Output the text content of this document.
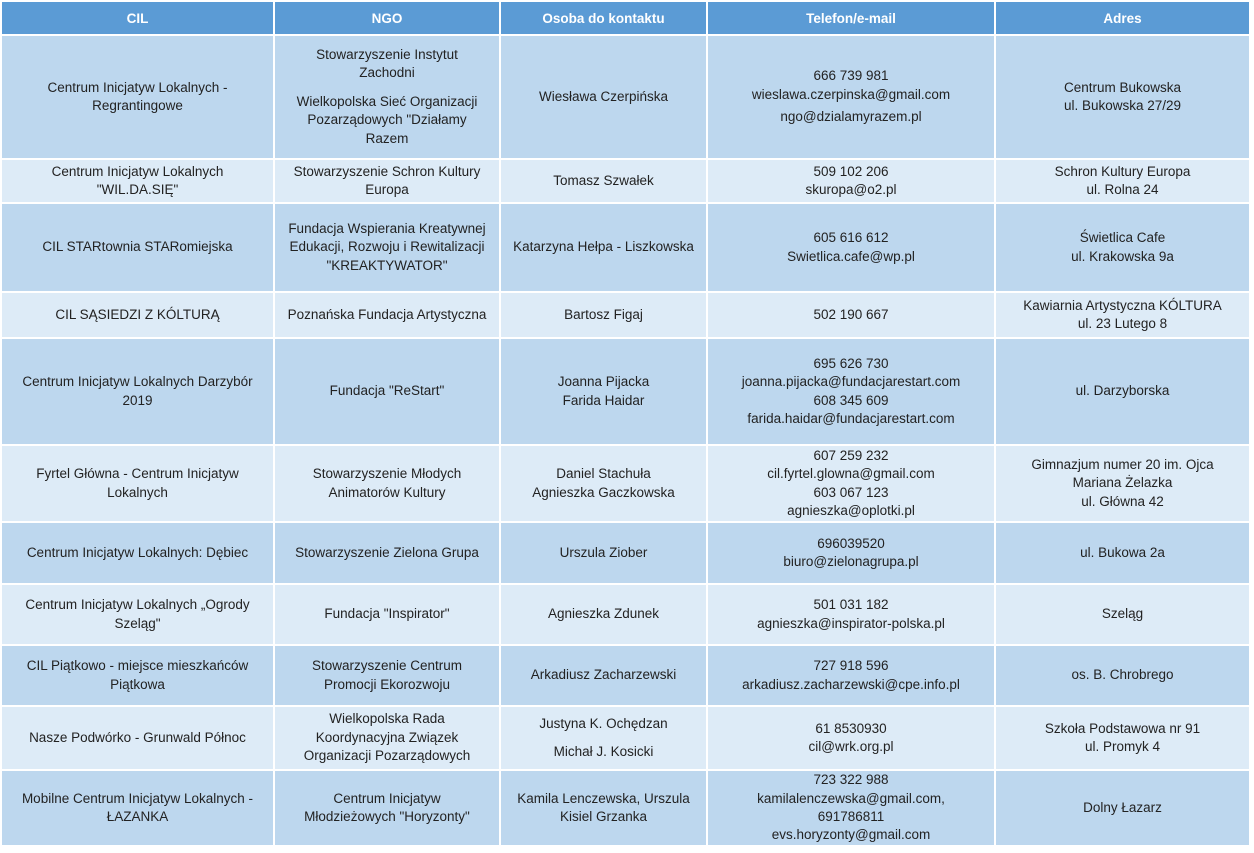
CIL	NGO	Osoba do kontaktu	Telefon/e-mail	Adres

Centrum Inicjatyw Lokalnych -
Regrantingowe	Stowarzyszenie Instytut
Zachodni
Wielkopolska Sieć Organizacji
Pozarządowych "Działamy
Razem	Wiesława Czerpińska	666 739 981
wieslawa.czerpinska@gmail.com
ngo@dzialamyrazem.pl	Centrum Bukowska
ul. Bukowska 27/29

Centrum Inicjatyw Lokalnych
"WIL.DA.SIĘ"	Stowarzyszenie Schron Kultury
Europa	Tomasz Szwałek	509 102 206
skuropa@o2.pl	Schron Kultury Europa
ul. Rolna 24

CIL STARtownia STARomiejska	Fundacja Wspierania Kreatywnej
Edukacji, Rozwoju i Rewitalizacji
"KREAKTYWATOR"	Katarzyna Hełpa - Liszkowska	605 616 612
Swietlica.cafe@wp.pl	Świetlica Cafe
ul. Krakowska 9a

CIL SĄSIEDZI Z KÓLTURĄ	Poznańska Fundacja Artystyczna	Bartosz Figaj	502 190 667	Kawiarnia Artystyczna KÓLTURA
ul. 23 Lutego 8

Centrum Inicjatyw Lokalnych Darzybór
2019	Fundacja "ReStart"	Joanna Pijacka
Farida Haidar	695 626 730
joanna.pijacka@fundacjarestart.com
608 345 609
farida.haidar@fundacjarestart.com	ul. Darzyborska

Fyrtel Główna - Centrum Inicjatyw
Lokalnych	Stowarzyszenie Młodych
Animatorów Kultury	Daniel Stachuła
Agnieszka Gaczkowska	607 259 232
cil.fyrtel.glowna@gmail.com
603 067 123
agnieszka@oplotki.pl	Gimnazjum numer 20 im. Ojca
Mariana Żelazka
ul. Główna 42

Centrum Inicjatyw Lokalnych: Dębiec	Stowarzyszenie Zielona Grupa	Urszula Ziober	696039520
biuro@zielonagrupa.pl	ul. Bukowa 2a

Centrum Inicjatyw Lokalnych „Ogrody
Szeląg"	Fundacja "Inspirator"	Agnieszka Zdunek	501 031 182
agnieszka@inspirator-polska.pl	Szeląg

CIL Piątkowo - miejsce mieszkańców
Piątkowa	Stowarzyszenie Centrum
Promocji Ekorozwoju	Arkadiusz Zacharzewski	727 918 596
arkadiusz.zacharzewski@cpe.info.pl	os. B. Chrobrego

Nasze Podwórko - Grunwald Północ	Wielkopolska Rada
Koordynacyjna Związek
Organizacji Pozarządowych	Justyna K. Ochędzan
Michał J. Kosicki	61 8530930
cil@wrk.org.pl	Szkoła Podstawowa nr 91
ul. Promyk 4

Mobilne Centrum Inicjatyw Lokalnych -
ŁAZANKA	Centrum Inicjatyw
Młodzieżowych "Horyzonty"	Kamila Lenczewska, Urszula
Kisiel Grzanka	723 322 988
kamilalenczewska@gmail.com,
691786811
evs.horyzonty@gmail.com	Dolny Łazarz
